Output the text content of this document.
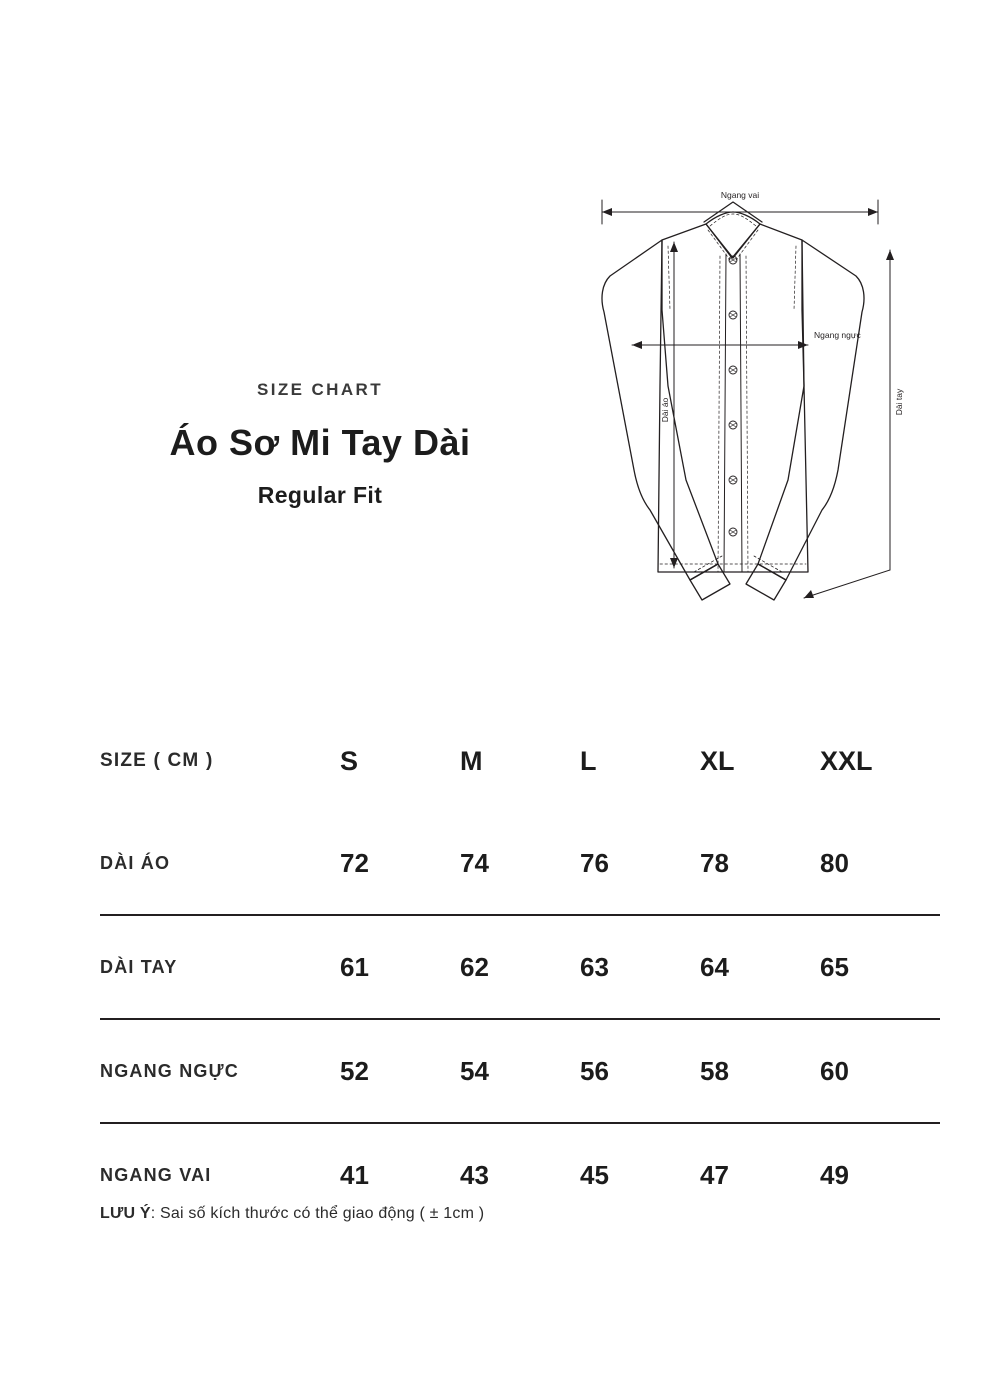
SIZE CHART

Áo Sơ Mi Tay Dài
Regular Fit
Ngang vai
Ngang ngực
Dài áo	Dài tay
SIZE ( CM )	S	M	L	XL	XXL
DÀI ÁO	72	74	76	78	80
DÀI TAY	61	62	63	64	65
NGANG NGỰC	52	54	56	58	60
NGANG VAI	41	43	45	47	49
LƯU Ý: Sai số kích thước có thể giao động ( ± 1cm )
